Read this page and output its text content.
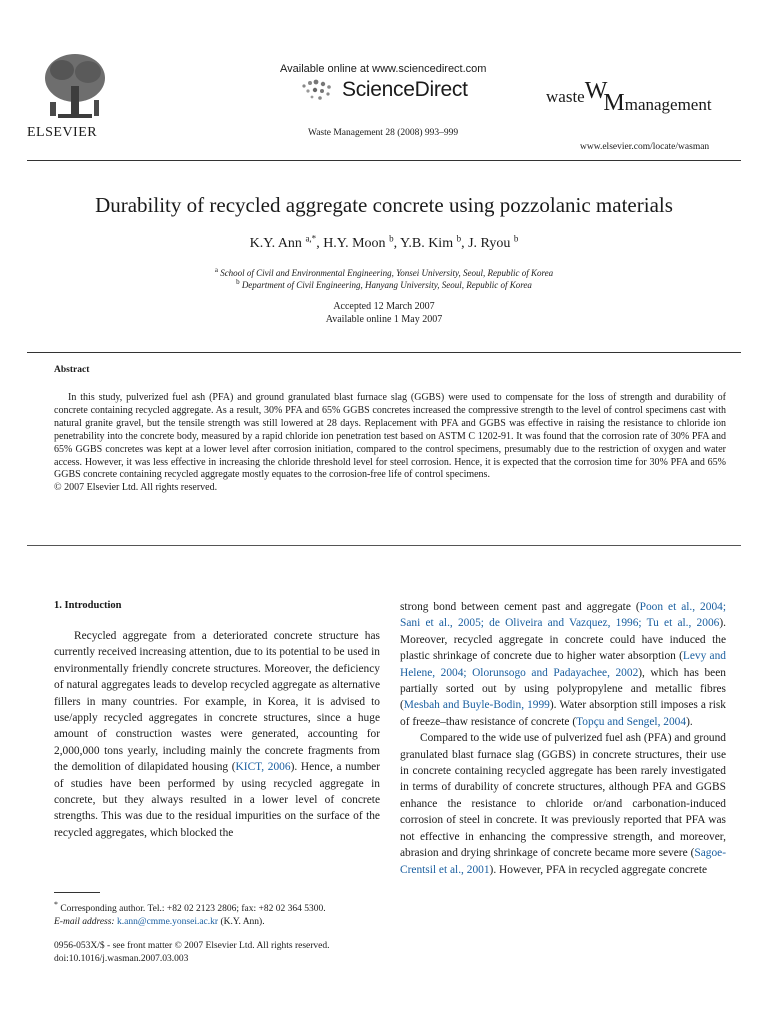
ELSEVIER
Available online at www.sciencedirect.com
ScienceDirect
Waste Management 28 (2008) 993–999
wasteWMmanagement
www.elsevier.com/locate/wasman
Durability of recycled aggregate concrete using pozzolanic materials
K.Y. Ann $^{a,*}$, H.Y. Moon $^b$, Y.B. Kim $^b$, J. Ryou $^b$
$^a$ School of Civil and Environmental Engineering, Yonsei University, Seoul, Republic of Korea
$^b$ Department of Civil Engineering, Hanyang University, Seoul, Republic of Korea
Accepted 12 March 2007
Available online 1 May 2007
Abstract

In this study, pulverized fuel ash (PFA) and ground granulated blast furnace slag (GGBS) were used to compensate for the loss of strength and durability of concrete containing recycled aggregate. As a result, 30% PFA and 65% GGBS concretes increased the compressive strength to the level of control specimens cast with natural granite gravel, but the tensile strength was still lowered at 28 days. Replacement with PFA and GGBS was effective in raising the resistance to chloride ion penetrability into the concrete body, measured by a rapid chloride ion penetration test based on ASTM C 1202-91. It was found that the corrosion rate of 30% PFA and 65% GGBS concretes was kept at a lower level after corrosion initiation, compared to the control specimens, presumably due to the restriction of oxygen and water access. However, it was less effective in increasing the chloride threshold level for steel corrosion. Hence, it is expected that the corrosion time for 30% PFA and 65% GGBS concrete containing recycled aggregate mostly equates to the corrosion-free life of control specimens.

© 2007 Elsevier Ltd. All rights reserved.

1. Introduction

Recycled aggregate from a deteriorated concrete structure has currently received increasing attention, due to its potential to be used in environmentally friendly concrete structures. Moreover, the deficiency of natural aggregates leads to develop recycled aggregate as alternative fillers in many countries. For example, in Korea, it is advised to use/apply recycled aggregates in concrete structures, since a huge amount of construction wastes were generated, accounting for 2,000,000 tons yearly, including mainly the concrete fragments from the demolition of dilapidated housing (KICT, 2006). Hence, a number of studies have been performed by using recycled aggregate in concrete, but they always resulted in a lower level of concrete strengths. This was due to the residual impurities on the surface of the recycled aggregates, which blocked the

strong bond between cement past and aggregate (Poon et al., 2004; Sani et al., 2005; de Oliveira and Vazquez, 1996; Tu et al., 2006). Moreover, recycled aggregate in concrete could have induced the plastic shrinkage of concrete due to higher water absorption (Levy and Helene, 2004; Olorunsogo and Padayachee, 2002), which has been partially sorted out by using polypropylene and metallic fibres (Mesbah and Buyle-Bodin, 1999). Water absorption still imposes a risk of freeze–thaw resistance of concrete (Topçu and Sengel, 2004).

Compared to the wide use of pulverized fuel ash (PFA) and ground granulated blast furnace slag (GGBS) in concrete structures, their use in concrete containing recycled aggregate has been rarely investigated in terms of durability of concrete structures, although PFA and GGBS enhance the resistance to chloride or/and carbonation-induced corrosion of steel in concrete. It was previously reported that PFA was not effective in enhancing the compressive strength, and moreover, abrasion and drying shrinkage of concrete became more severe (Sagoe-Crentsil et al., 2001). However, PFA in recycled aggregate concrete

* Corresponding author. Tel.: +82 02 2123 2806; fax: +82 02 364 5300.
E-mail address: k.ann@cmme.yonsei.ac.kr (K.Y. Ann).
0956-053X/$ - see front matter © 2007 Elsevier Ltd. All rights reserved.
doi:10.1016/j.wasman.2007.03.003
